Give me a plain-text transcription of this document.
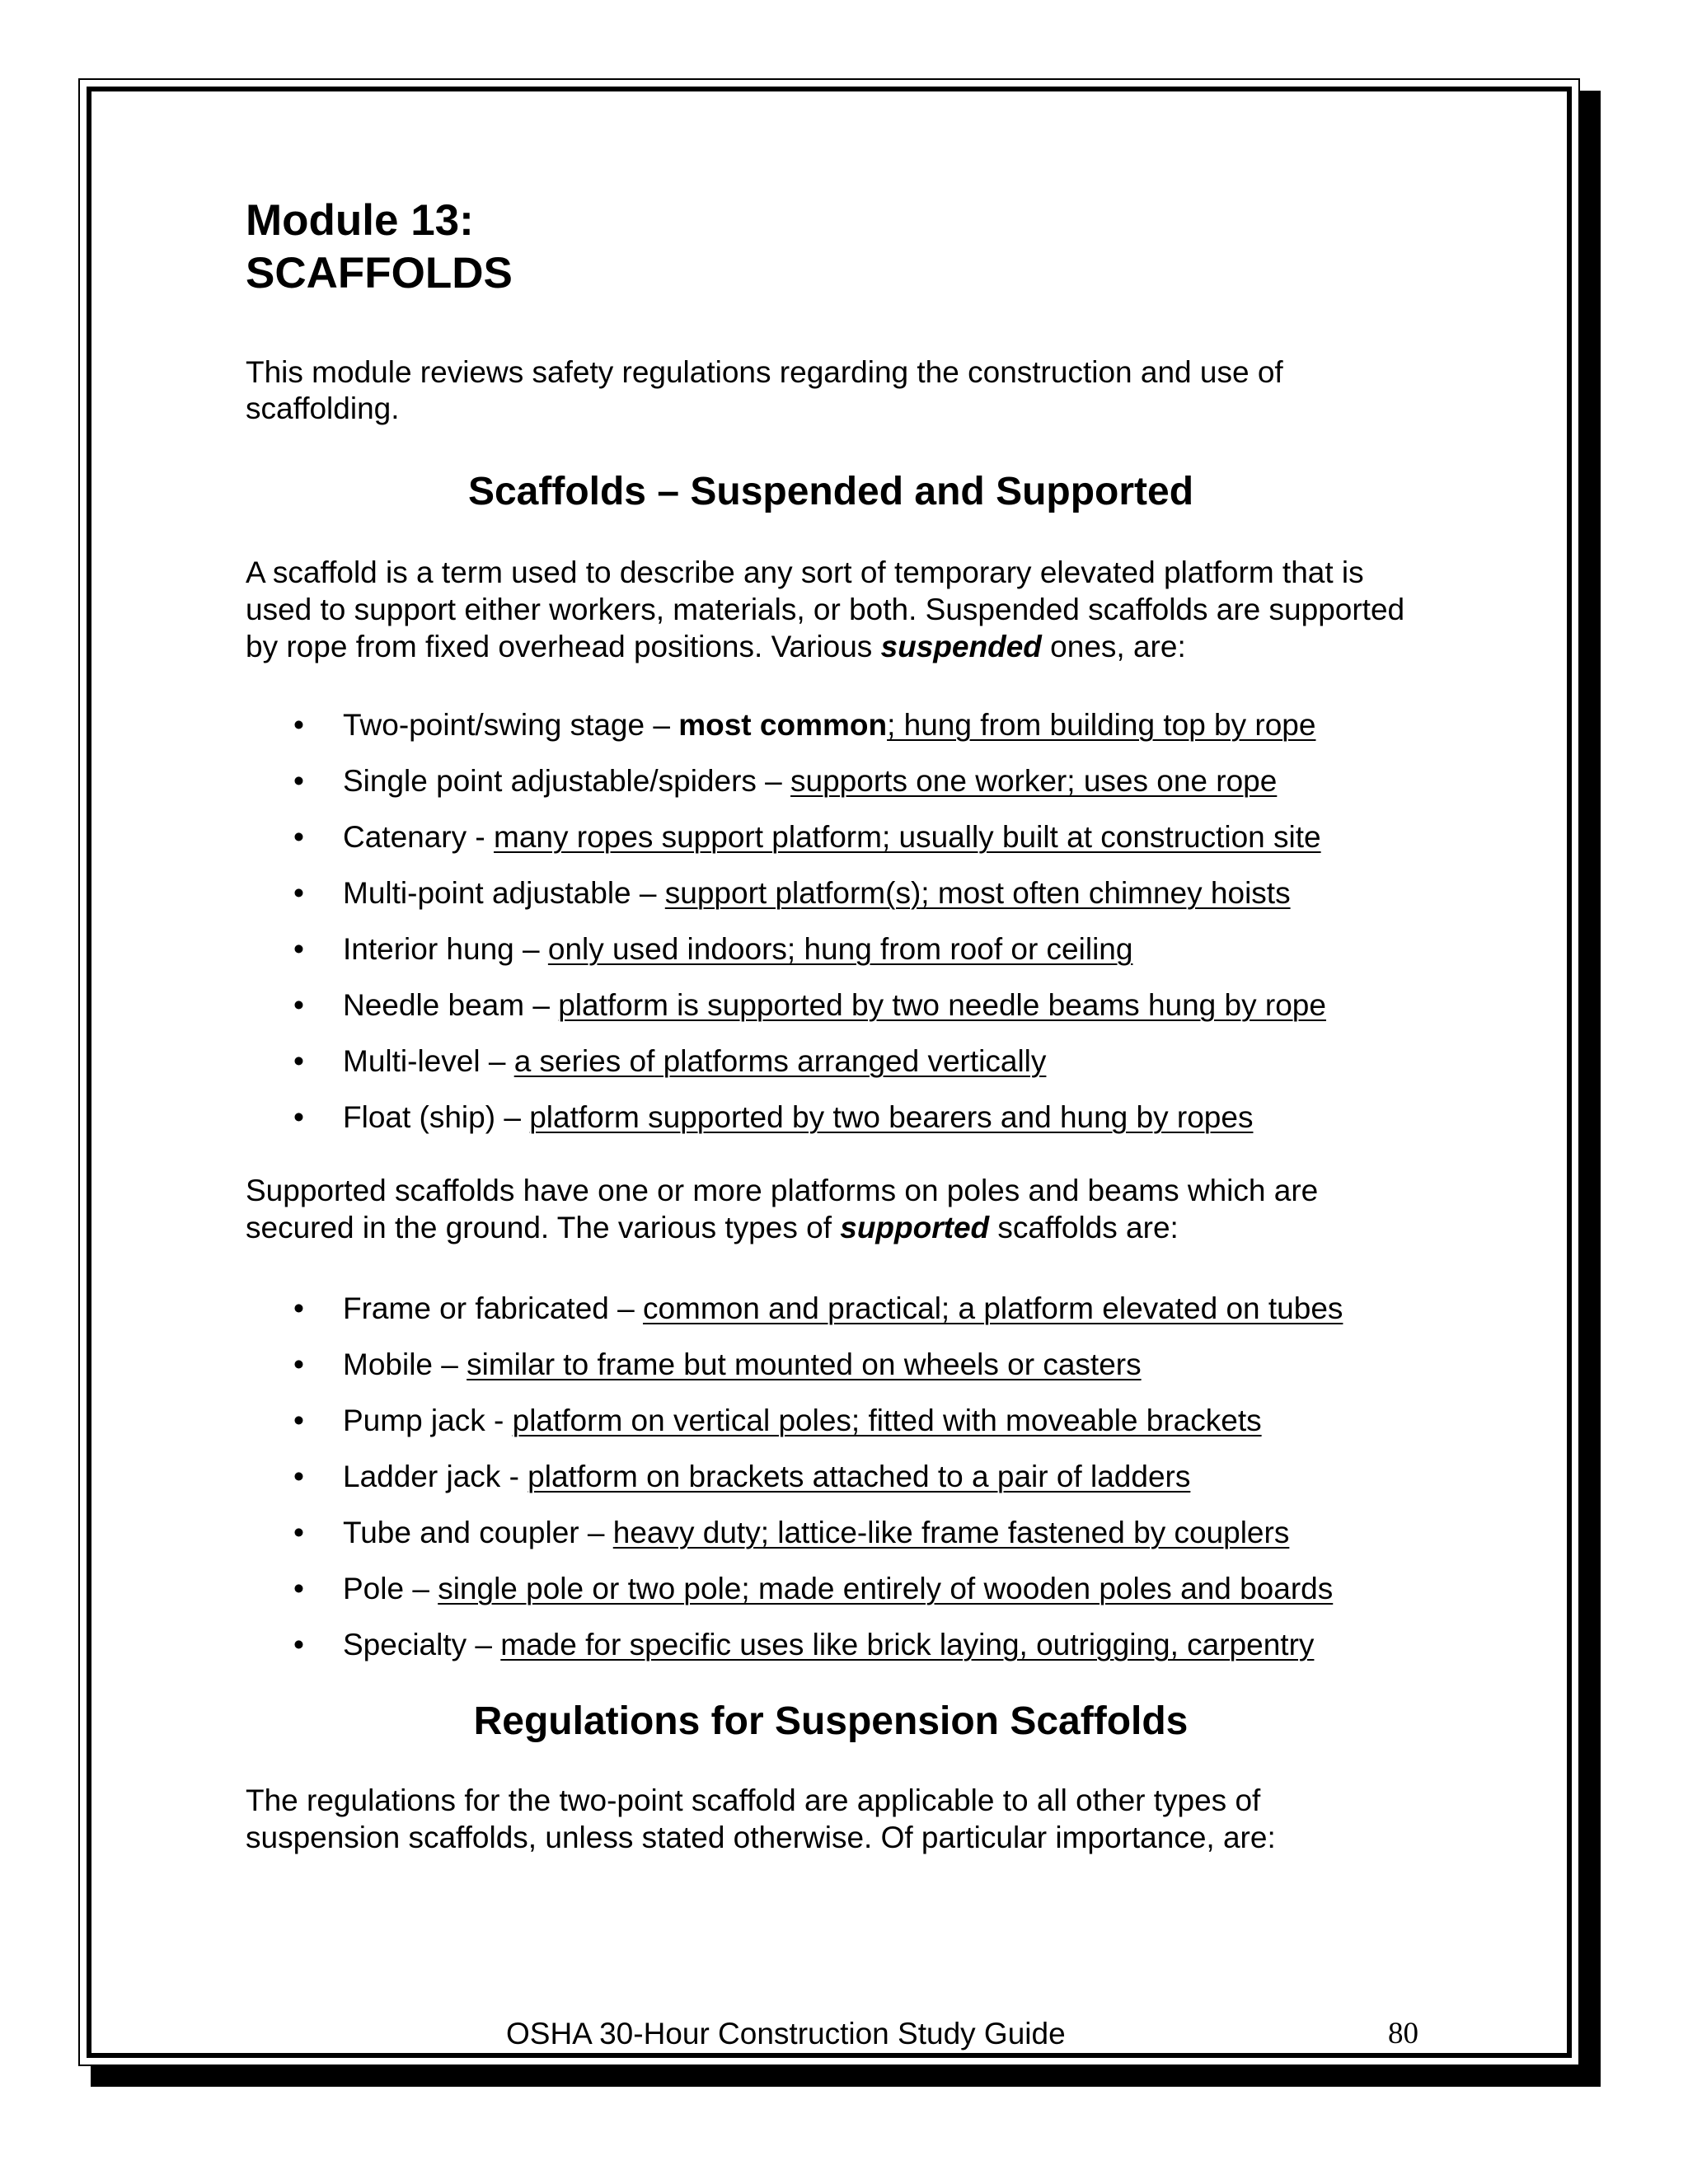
Module 13:
SCAFFOLDS

This module reviews safety regulations regarding the construction and use of scaffolding.

Scaffolds – Suspended and Supported

A scaffold is a term used to describe any sort of temporary elevated platform that is used to support either workers, materials, or both. Suspended scaffolds are supported by rope from fixed overhead positions. Various suspended ones, are:

• Two-point/swing stage – most common; hung from building top by rope
• Single point adjustable/spiders – supports one worker; uses one rope
• Catenary - many ropes support platform; usually built at construction site
• Multi-point adjustable – support platform(s); most often chimney hoists
• Interior hung – only used indoors; hung from roof or ceiling
• Needle beam – platform is supported by two needle beams hung by rope
• Multi-level – a series of platforms arranged vertically
• Float (ship) – platform supported by two bearers and hung by ropes

Supported scaffolds have one or more platforms on poles and beams which are secured in the ground. The various types of supported scaffolds are:

• Frame or fabricated – common and practical; a platform elevated on tubes
• Mobile – similar to frame but mounted on wheels or casters
• Pump jack - platform on vertical poles; fitted with moveable brackets
• Ladder jack - platform on brackets attached to a pair of ladders
• Tube and coupler – heavy duty; lattice-like frame fastened by couplers
• Pole – single pole or two pole; made entirely of wooden poles and boards
• Specialty – made for specific uses like brick laying, outrigging, carpentry
Regulations for Suspension Scaffolds

The regulations for the two-point scaffold are applicable to all other types of suspension scaffolds, unless stated otherwise. Of particular importance, are:

OSHA 30-Hour Construction Study Guide	80
